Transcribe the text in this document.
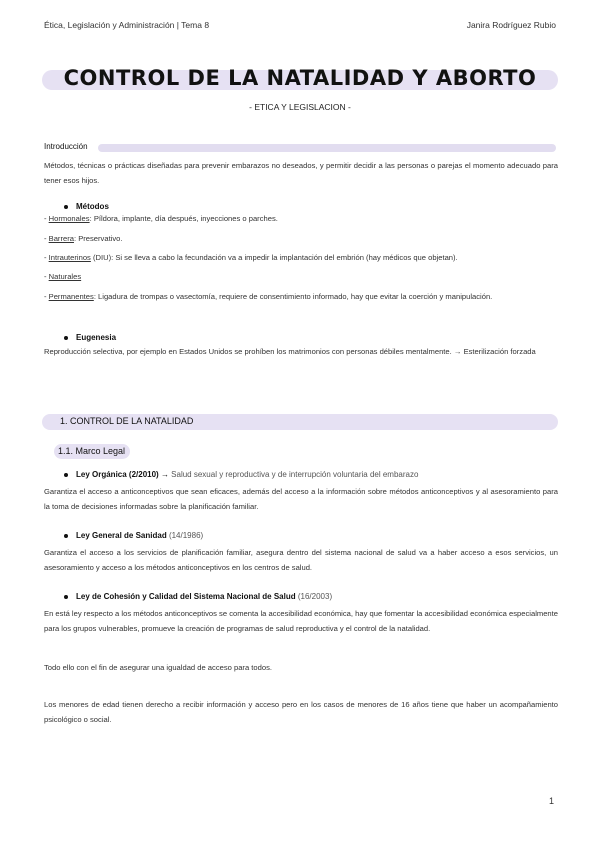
Ética, Legislación y Administración | Tema 8	Janira Rodríguez Rubio
CONTROL DE LA NATALIDAD Y ABORTO
- ETICA Y LEGISLACION -
Introducción
Métodos, técnicas o prácticas diseñadas para prevenir embarazos no deseados, y permitir decidir a las personas o parejas el momento adecuado para tener esos hijos.
Métodos
- Hormonales: Píldora, implante, día después, inyecciones o parches.
- Barrera: Preservativo.
- Intrauterinos (DIU): Si se lleva a cabo la fecundación va a impedir la implantación del embrión (hay médicos que objetan).
- Naturales
- Permanentes: Ligadura de trompas o vasectomía, requiere de consentimiento informado, hay que evitar la coerción y manipulación.
Eugenesia
Reproducción selectiva, por ejemplo en Estados Unidos se prohíben los matrimonios con personas débiles mentalmente. → Esterilización forzada
1. CONTROL DE LA NATALIDAD
1.1. Marco Legal
Ley Orgánica (2/2010) → Salud sexual y reproductiva y de interrupción voluntaria del embarazo
Garantiza el acceso a anticonceptivos que sean eficaces, además del acceso a la información sobre métodos anticonceptivos y al asesoramiento para la toma de decisiones informadas sobre la planificación familiar.
Ley General de Sanidad (14/1986)
Garantiza el acceso a los servicios de planificación familiar, asegura dentro del sistema nacional de salud va a haber acceso a esos servicios, un asesoramiento y acceso a los métodos anticonceptivos en los centros de salud.
Ley de Cohesión y Calidad del Sistema Nacional de Salud (16/2003)
En está ley respecto a los métodos anticonceptivos se comenta la accesibilidad económica, hay que fomentar la accesibilidad económica especialmente para los grupos vulnerables, promueve la creación de programas de salud reproductiva y el control de la natalidad.
Todo ello con el fin de asegurar una igualdad de acceso para todos.
Los menores de edad tienen derecho a recibir información y acceso pero en los casos de menores de 16 años tiene que haber un acompañamiento psicológico o social.
1
